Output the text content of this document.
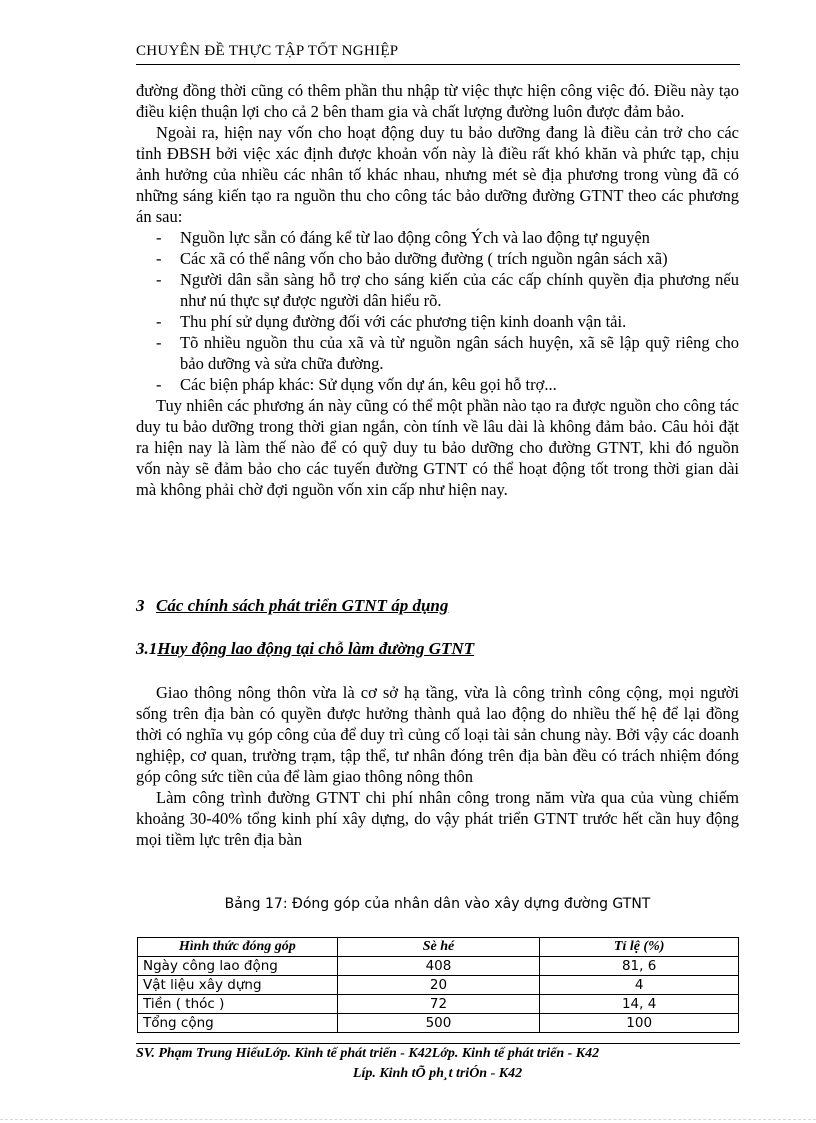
CHUYÊN ĐỀ THỰC TẬP TỐT NGHIỆP

đường đồng thời cũng có thêm phần thu nhập từ việc thực hiện công việc đó. Điều này tạo điều kiện thuận lợi cho cả 2 bên tham gia và chất lượng đường luôn được đảm bảo.

Ngoài ra, hiện nay vốn cho hoạt động duy tu bảo dưỡng đang là điều cản trở cho các tỉnh ĐBSH bởi việc xác định được khoản vốn này là điều rất khó khăn và phức tạp, chịu ảnh hưởng của nhiều các nhân tố khác nhau, nhưng mét sè địa phương trong vùng đã có những sáng kiến tạo ra nguồn thu cho công tác bảo dưỡng đường GTNT theo các phương án sau:

- Nguồn lực sẵn có đáng kể từ lao động công Ých và lao động tự nguyện
- Các xã có thể nâng vốn cho bảo dưỡng đường ( trích nguồn ngân sách xã)
- Người dân sẵn sàng hỗ trợ cho sáng kiến của các cấp chính quyền địa phương nếu như nú thực sự được người dân hiểu rõ.
- Thu phí sử dụng đường đối với các phương tiện kinh doanh vận tải.
- Tõ nhiều nguồn thu của xã và từ nguồn ngân sách huyện, xã sẽ lập quỹ riêng cho bảo dưỡng và sửa chữa đường.
- Các biện pháp khác: Sử dụng vốn dự án, kêu gọi hỗ trợ...

Tuy nhiên các phương án này cũng có thể một phần nào tạo ra được nguồn cho công tác duy tu bảo dưỡng trong thời gian ngắn, còn tính về lâu dài là không đảm bảo. Câu hỏi đặt ra hiện nay là làm thế nào để có quỹ duy tu bảo dưỡng cho đường GTNT, khi đó nguồn vốn này sẽ đảm bảo cho các tuyến đường GTNT có thể hoạt động tốt trong thời gian dài mà không phải chờ đợi nguồn vốn xin cấp như hiện nay.

3 Các chính sách phát triển GTNT áp dụng
3.1Huy động lao động tại chỗ làm đường GTNT

Giao thông nông thôn vừa là cơ sở hạ tầng, vừa là công trình công cộng, mọi người sống trên địa bàn có quyền được hưởng thành quả lao động do nhiều thế hệ để lại đồng thời có nghĩa vụ góp công của để duy trì củng cố loại tài sản chung này. Bởi vậy các doanh nghiệp, cơ quan, trường trạm, tập thể, tư nhân đóng trên địa bàn đều có trách nhiệm đóng góp công sức tiền của để làm giao thông nông thôn

Làm công trình đường GTNT chi phí nhân công trong năm vừa qua của vùng chiếm khoảng 30-40% tổng kinh phí xây dựng, do vậy phát triển GTNT trước hết cần huy động mọi tiềm lực trên địa bàn

Bảng 17: Đóng góp của nhân dân vào xây dựng đường GTNT
Hình thức đóng góp	Sè hé	Tỉ lệ (%)
Ngày công lao động	408	81, 6
Vật liệu xây dựng	20	4
Tiền ( thóc )	72	14, 4
Tổng cộng	500	100
SV. Phạm Trung HiếuLớp. Kinh tế phát triển - K42Lớp. Kinh tế phát triển - K42
Líp. Kinh tÕ ph¸t triÓn - K42
